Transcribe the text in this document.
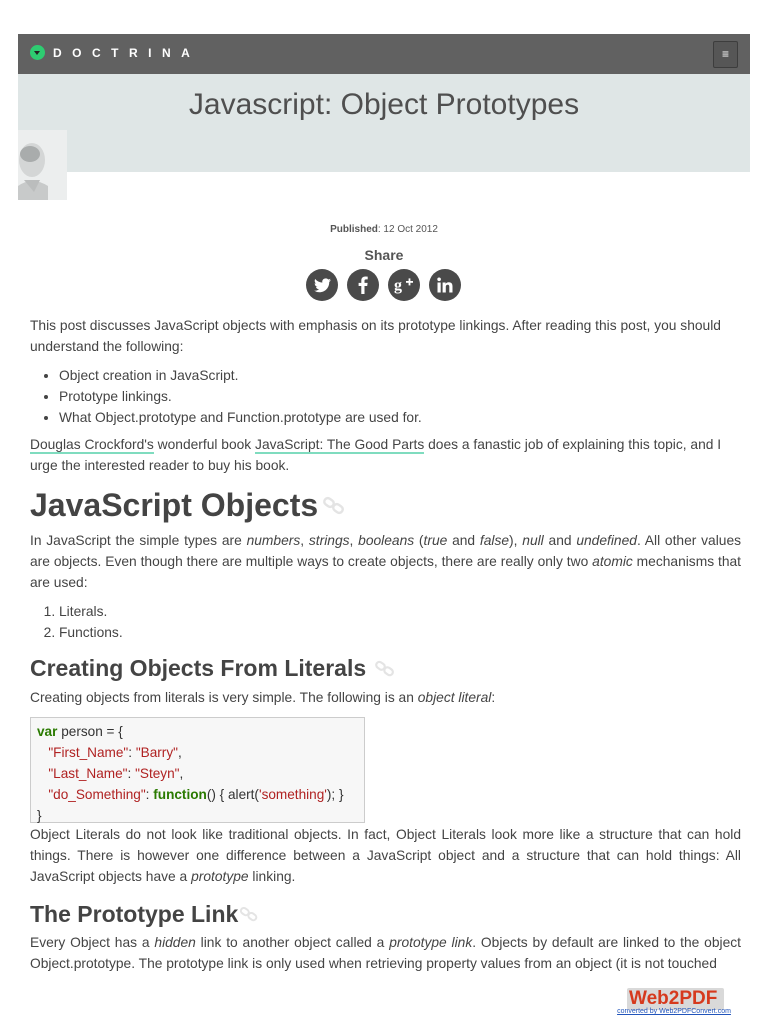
DOCTRINA	≡
Javascript: Object Prototypes
Published: 12 Oct 2012
Share
g

This post discusses JavaScript objects with emphasis on its prototype linkings. After reading this post, you should understand the following:

• Object creation in JavaScript.
• Prototype linkings.
• What Object.prototype and Function.prototype are used for.

Douglas Crockford's wonderful book JavaScript: The Good Parts does a fanastic job of explaining this topic, and I urge the interested reader to buy his book.

JavaScript Objects

In JavaScript the simple types are numbers, strings, booleans (true and false), null and undefined. All other values are objects. Even though there are multiple ways to create objects, there are really only two atomic mechanisms that are used:

1. Literals.
2. Functions.
Creating Objects From Literals

Creating objects from literals is very simple. The following is an object literal:

var person = {
"First_Name": "Barry",
"Last_Name": "Steyn",
"do_Something": function() { alert('something'); }
}

Object Literals do not look like traditional objects. In fact, Object Literals look more like a structure that can hold things. There is however one difference between a JavaScript object and a structure that can hold things: All JavaScript objects have a prototype linking.

The Prototype Link

Every Object has a hidden link to another object called a prototype link. Objects by default are linked to the object Object.prototype. The prototype link is only used when retrieving property values from an object (it is not touched

Web2PDF
converted by Web2PDFConvert.com
